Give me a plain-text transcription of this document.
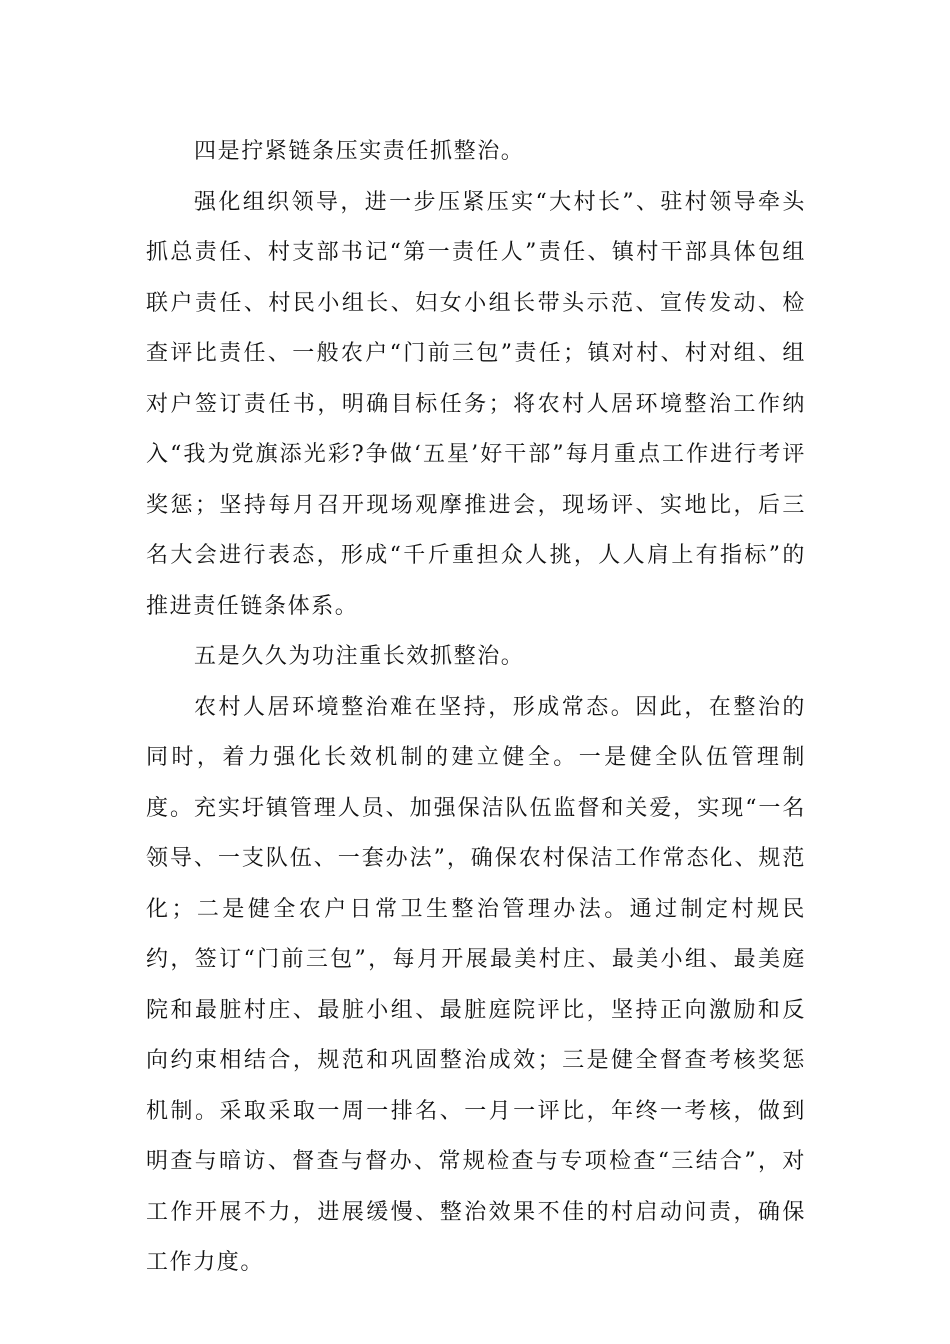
四是拧紧链条压实责任抓整治。

强化组织领导，进一步压紧压实“大村长”、驻村领导牵头抓总责任、村支部书记“第一责任人”责任、镇村干部具体包组联户责任、村民小组长、妇女小组长带头示范、宣传发动、检查评比责任、一般农户“门前三包”责任；镇对村、村对组、组对户签订责任书，明确目标任务；将农村人居环境整治工作纳入“我为党旗添光彩?争做‘五星’好干部”每月重点工作进行考评奖惩；坚持每月召开现场观摩推进会，现场评、实地比，后三名大会进行表态，形成“千斤重担众人挑，人人肩上有指标”的推进责任链条体系。

五是久久为功注重长效抓整治。

农村人居环境整治难在坚持，形成常态。因此，在整治的同时，着力强化长效机制的建立健全。一是健全队伍管理制度。充实圩镇管理人员、加强保洁队伍监督和关爱，实现“一名领导、一支队伍、一套办法”，确保农村保洁工作常态化、规范化；二是健全农户日常卫生整治管理办法。通过制定村规民约，签订“门前三包”，每月开展最美村庄、最美小组、最美庭院和最脏村庄、最脏小组、最脏庭院评比，坚持正向激励和反向约束相结合，规范和巩固整治成效；三是健全督查考核奖惩机制。采取采取一周一排名、一月一评比，年终一考核，做到明查与暗访、督查与督办、常规检查与专项检查“三结合”，对工作开展不力，进展缓慢、整治效果不佳的村启动问责，确保工作力度。
